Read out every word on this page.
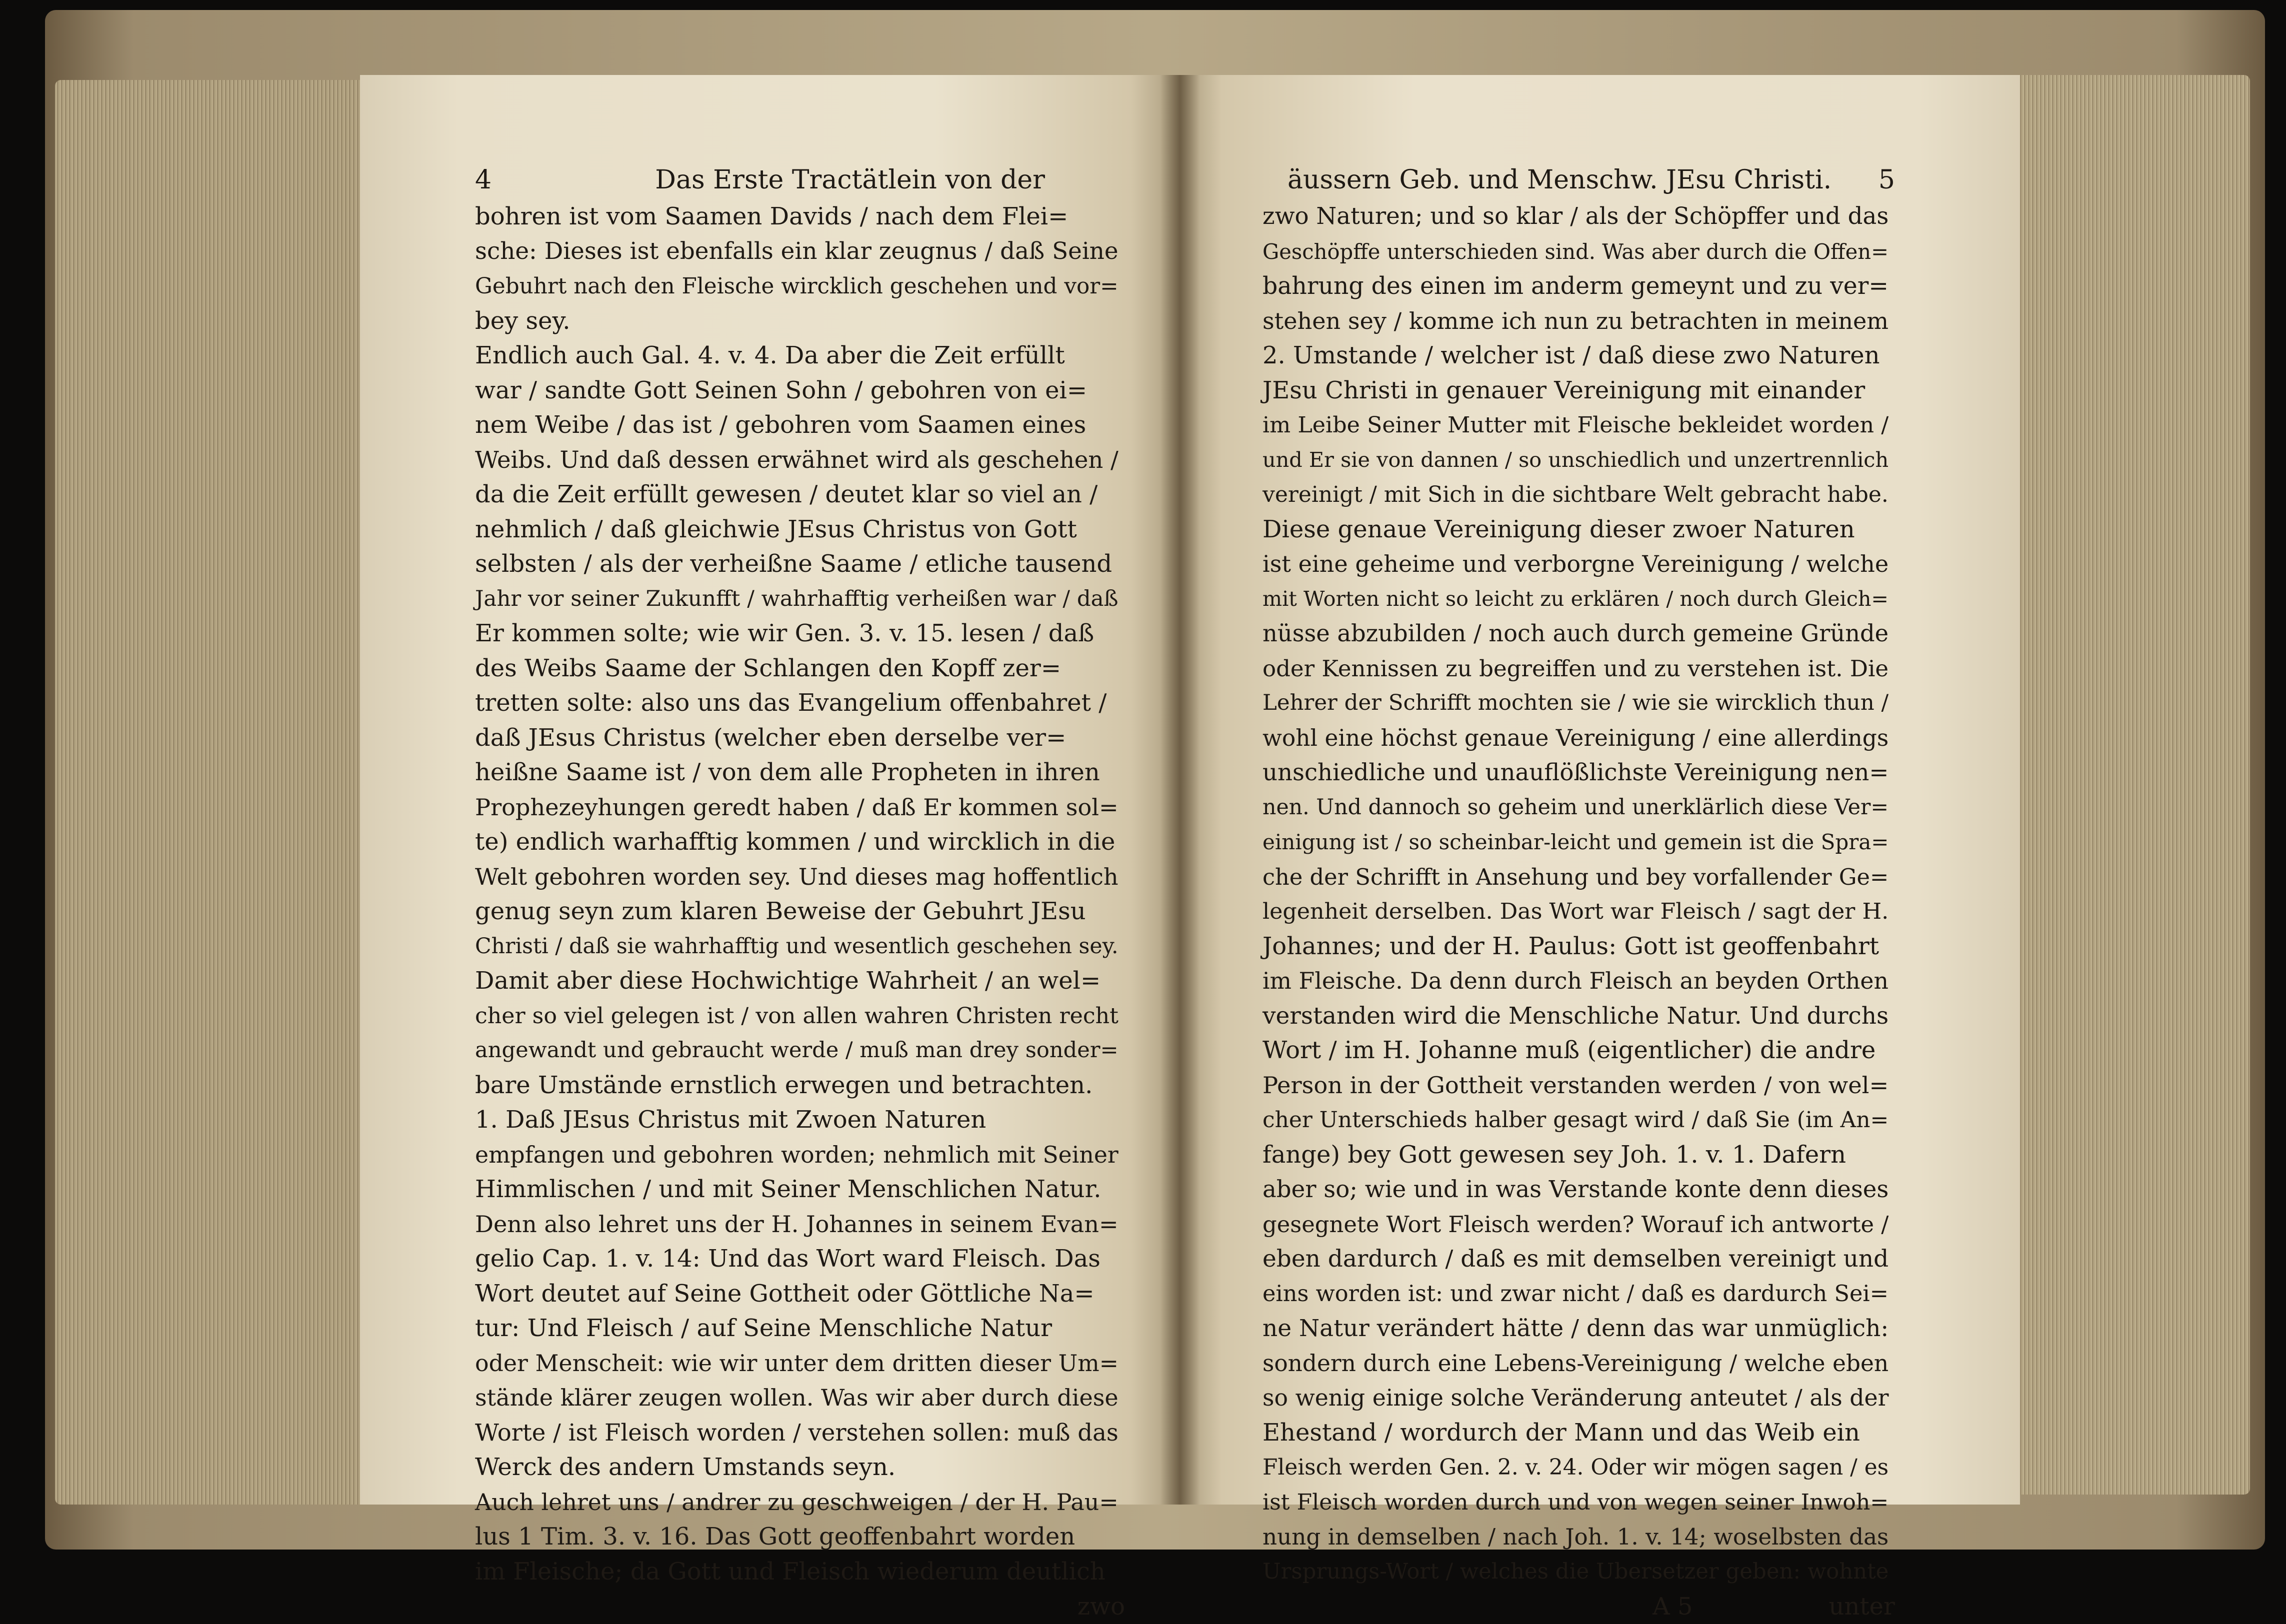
4	Das Erste Tractätlein von der
bohren ist vom Saamen Davids / nach dem Flei=
sche: Dieses ist ebenfalls ein klar zeugnus / daß Seine
Gebuhrt nach den Fleische wircklich geschehen und vor=
bey sey.
Endlich auch Gal. 4. v. 4. Da aber die Zeit erfüllt
war / sandte Gott Seinen Sohn / gebohren von ei=
nem Weibe / das ist / gebohren vom Saamen eines
Weibs. Und daß dessen erwähnet wird als geschehen /
da die Zeit erfüllt gewesen / deutet klar so viel an /
nehmlich / daß gleichwie JEsus Christus von Gott
selbsten / als der verheißne Saame / etliche tausend
Jahr vor seiner Zukunfft / wahrhafftig verheißen war / daß
Er kommen solte; wie wir Gen. 3. v. 15. lesen / daß
des Weibs Saame der Schlangen den Kopff zer=
tretten solte: also uns das Evangelium offenbahret /
daß JEsus Christus (welcher eben derselbe ver=
heißne Saame ist / von dem alle Propheten in ihren
Prophezeyhungen geredt haben / daß Er kommen sol=
te) endlich warhafftig kommen / und wircklich in die
Welt gebohren worden sey. Und dieses mag hoffentlich
genug seyn zum klaren Beweise der Gebuhrt JEsu
Christi / daß sie wahrhafftig und wesentlich geschehen sey.
Damit aber diese Hochwichtige Wahrheit / an wel=
cher so viel gelegen ist / von allen wahren Christen recht
angewandt und gebraucht werde / muß man drey sonder=
bare Umstände ernstlich erwegen und betrachten.
1. Daß JEsus Christus mit Zwoen Naturen
empfangen und gebohren worden; nehmlich mit Seiner
Himmlischen / und mit Seiner Menschlichen Natur.
Denn also lehret uns der H. Johannes in seinem Evan=
gelio Cap. 1. v. 14: Und das Wort ward Fleisch. Das
Wort deutet auf Seine Gottheit oder Göttliche Na=
tur: Und Fleisch / auf Seine Menschliche Natur
oder Menscheit: wie wir unter dem dritten dieser Um=
stände klärer zeugen wollen. Was wir aber durch diese
Worte / ist Fleisch worden / verstehen sollen: muß das
Werck des andern Umstands seyn.
Auch lehret uns / andrer zu geschweigen / der H. Pau=
lus 1 Tim. 3. v. 16. Das Gott geoffenbahrt worden
im Fleische; da Gott und Fleisch wiederum deutlich
zwo
äussern Geb. und Menschw. JEsu Christi. 5
zwo Naturen; und so klar / als der Schöpffer und das
Geschöpffe unterschieden sind. Was aber durch die Offen=
bahrung des einen im anderm gemeynt und zu ver=
stehen sey / komme ich nun zu betrachten in meinem
2. Umstande / welcher ist / daß diese zwo Naturen
JEsu Christi in genauer Vereinigung mit einander
im Leibe Seiner Mutter mit Fleische bekleidet worden /
und Er sie von dannen / so unschiedlich und unzertrennlich
vereinigt / mit Sich in die sichtbare Welt gebracht habe.
Diese genaue Vereinigung dieser zwoer Naturen
ist eine geheime und verborgne Vereinigung / welche
mit Worten nicht so leicht zu erklären / noch durch Gleich=
nüsse abzubilden / noch auch durch gemeine Gründe
oder Kennissen zu begreiffen und zu verstehen ist. Die
Lehrer der Schrifft mochten sie / wie sie wircklich thun /
wohl eine höchst genaue Vereinigung / eine allerdings
unschiedliche und unauflößlichste Vereinigung nen=
nen. Und dannoch so geheim und unerklärlich diese Ver=
einigung ist / so scheinbar-leicht und gemein ist die Spra=
che der Schrifft in Ansehung und bey vorfallender Ge=
legenheit derselben. Das Wort war Fleisch / sagt der H.
Johannes; und der H. Paulus: Gott ist geoffenbahrt
im Fleische. Da denn durch Fleisch an beyden Orthen
verstanden wird die Menschliche Natur. Und durchs
Wort / im H. Johanne muß (eigentlicher) die andre
Person in der Gottheit verstanden werden / von wel=
cher Unterschieds halber gesagt wird / daß Sie (im An=
fange) bey Gott gewesen sey Joh. 1. v. 1. Dafern
aber so; wie und in was Verstande konte denn dieses
gesegnete Wort Fleisch werden? Worauf ich antworte /
eben dardurch / daß es mit demselben vereinigt und
eins worden ist: und zwar nicht / daß es dardurch Sei=
ne Natur verändert hätte / denn das war unmüglich:
sondern durch eine Lebens-Vereinigung / welche eben
so wenig einige solche Veränderung anteutet / als der
Ehestand / wordurch der Mann und das Weib ein
Fleisch werden Gen. 2. v. 24. Oder wir mögen sagen / es
ist Fleisch worden durch und von wegen seiner Inwoh=
nung in demselben / nach Joh. 1. v. 14; woselbsten das
Ursprungs-Wort / welches die Ubersetzer geben: wohnte
A 5	unter
